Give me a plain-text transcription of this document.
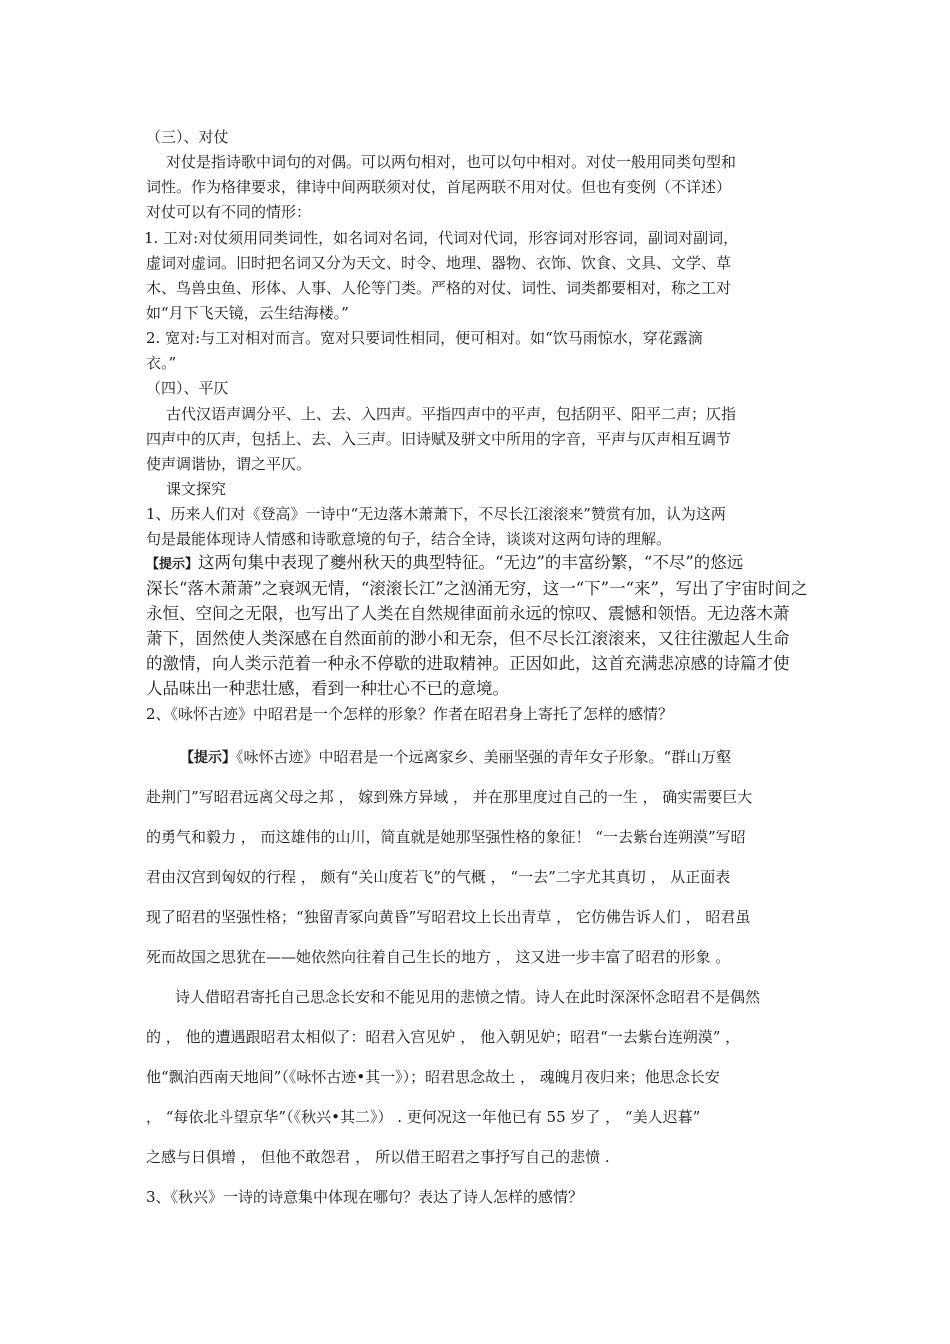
（三）、对仗
对仗是指诗歌中词句的对偶。可以两句相对，也可以句中相对。对仗一般用同类句型和
词性。作为格律要求，律诗中间两联须对仗，首尾两联不用对仗。但也有变例（不详述）
对仗可以有不同的情形：
1. 工对:对仗须用同类词性，如名词对名词，代词对代词，形容词对形容词，副词对副词，
虚词对虚词。旧时把名词又分为天文、时令、地理、器物、衣饰、饮食、文具、文学、草
木、鸟兽虫鱼、形体、人事、人伦等门类。严格的对仗、词性、词类都要相对，称之工对
如“月下飞天镜，云生结海楼。”
2. 宽对:与工对相对而言。宽对只要词性相同，便可相对。如“饮马雨惊水，穿花露滴
衣。”
（四）、平仄
古代汉语声调分平、上、去、入四声。平指四声中的平声，包括阴平、阳平二声；仄指
四声中的仄声，包括上、去、入三声。旧诗赋及骈文中所用的字音，平声与仄声相互调节
使声调谐协，谓之平仄。
课文探究
1、历来人们对《登高》一诗中“无边落木萧萧下，不尽长江滚滚来”赞赏有加，认为这两
句是最能体现诗人情感和诗歌意境的句子，结合全诗，谈谈对这两句诗的理解。
【提示】这两句集中表现了夔州秋天的典型特征。“无边”的丰富纷繁，“不尽”的悠远
深长“落木萧萧”之衰飒无情，“滚滚长江”之汹涌无穷，这一“下”一“来”，写出了宇宙时间之
永恒、空间之无限，也写出了人类在自然规律面前永远的惊叹、震憾和领悟。无边落木萧
萧下，固然使人类深感在自然面前的渺小和无奈，但不尽长江滚滚来，又往往激起人生命
的激情，向人类示范着一种永不停歇的进取精神。正因如此，这首充满悲凉感的诗篇才使
人品味出一种悲壮感，看到一种壮心不已的意境。
2、《咏怀古迹》中昭君是一个怎样的形象？作者在昭君身上寄托了怎样的感情？
【提示】《咏怀古迹》中昭君是一个远离家乡、美丽坚强的青年女子形象。“群山万壑
赴荆门”写昭君远离父母之邦 ， 嫁到殊方异域 ， 并在那里度过自己的一生 ， 确实需要巨大
的勇气和毅力 ， 而这雄伟的山川，简直就是她那坚强性格的象征！ “一去紫台连朔漠”写昭
君由汉宫到匈奴的行程 ， 颇有“关山度若飞”的气概 ， “一去”二字尤其真切 ， 从正面表
现了昭君的坚强性格；“独留青冢向黄昏”写昭君坟上长出青草 ， 它仿佛告诉人们 ， 昭君虽
死而故国之思犹在——她依然向往着自己生长的地方 ， 这又进一步丰富了昭君的形象 。
诗人借昭君寄托自己思念长安和不能见用的悲愤之情。诗人在此时深深怀念昭君不是偶然
的 ， 他的遭遇跟昭君太相似了：昭君入宫见妒 ， 他入朝见妒；昭君“一去紫台连朔漠” ，
他“飘泊西南天地间”（《咏怀古迹•其一》）；昭君思念故土 ， 魂魄月夜归来；他思念长安
， “每依北斗望京华”（《秋兴•其二》） . 更何况这一年他已有 55 岁了 ， “美人迟暮”
之感与日俱增 ， 但他不敢怨君 ， 所以借王昭君之事抒写自己的悲愤 .
3、《秋兴》一诗的诗意集中体现在哪句？表达了诗人怎样的感情？
